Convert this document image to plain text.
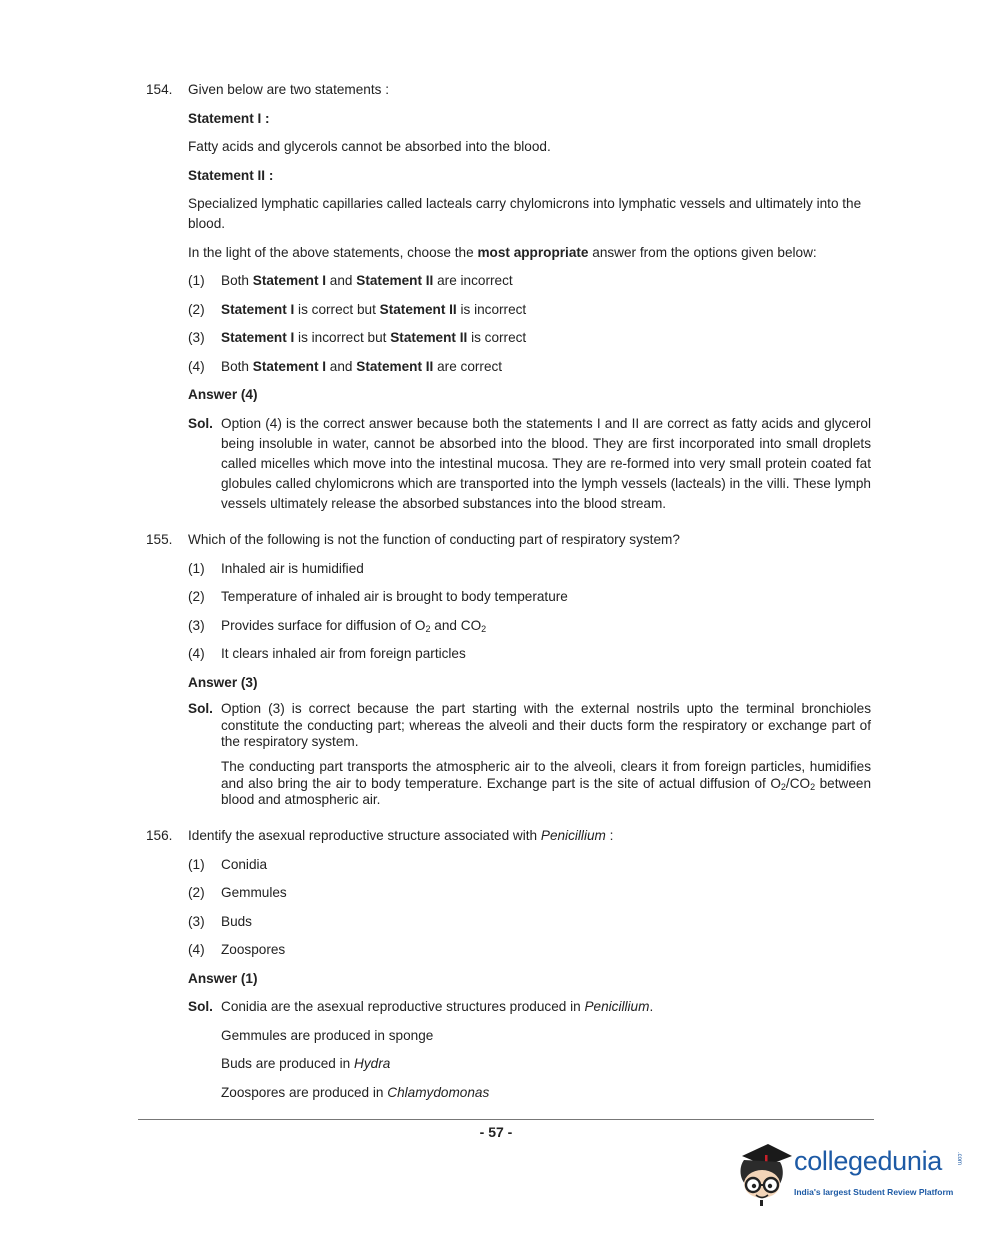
154.	Given below are two statements :
Statement I :
Fatty acids and glycerols cannot be absorbed into the blood.
Statement II :
Specialized lymphatic capillaries called lacteals carry chylomicrons into lymphatic vessels and ultimately into the blood.
In the light of the above statements, choose the most appropriate answer from the options given below:
(1)	Both Statement I and Statement II are incorrect
(2)	Statement I is correct but Statement II is incorrect
(3)	Statement I is incorrect but Statement II is correct
(4)	Both Statement I and Statement II are correct
Answer (4)
Sol. Option (4) is the correct answer because both the statements I and II are correct as fatty acids and glycerol being insoluble in water, cannot be absorbed into the blood. They are first incorporated into small droplets called micelles which move into the intestinal mucosa. They are re-formed into very small protein coated fat globules called chylomicrons which are transported into the lymph vessels (lacteals) in the villi. These lymph vessels ultimately release the absorbed substances into the blood stream.
155.	Which of the following is not the function of conducting part of respiratory system?
(1)	Inhaled air is humidified
(2)	Temperature of inhaled air is brought to body temperature
(3)	Provides surface for diffusion of $O_2$ and $CO_2$
(4)	It clears inhaled air from foreign particles
Answer (3)
Sol. Option (3) is correct because the part starting with the external nostrils upto the terminal bronchioles constitute the conducting part; whereas the alveoli and their ducts form the respiratory or exchange part of the respiratory system.
The conducting part transports the atmospheric air to the alveoli, clears it from foreign particles, humidifies and also bring the air to body temperature. Exchange part is the site of actual diffusion of $O_2/CO_2$ between blood and atmospheric air.
156.	Identify the asexual reproductive structure associated with Penicillium :
(1)	Conidia
(2)	Gemmules
(3)	Buds
(4)	Zoospores
Answer (1)
Sol. Conidia are the asexual reproductive structures produced in Penicillium.
Gemmules are produced in sponge
Buds are produced in Hydra
Zoospores are produced in Chlamydomonas
- 57 -
collegedunia .com
India's largest Student Review Platform
